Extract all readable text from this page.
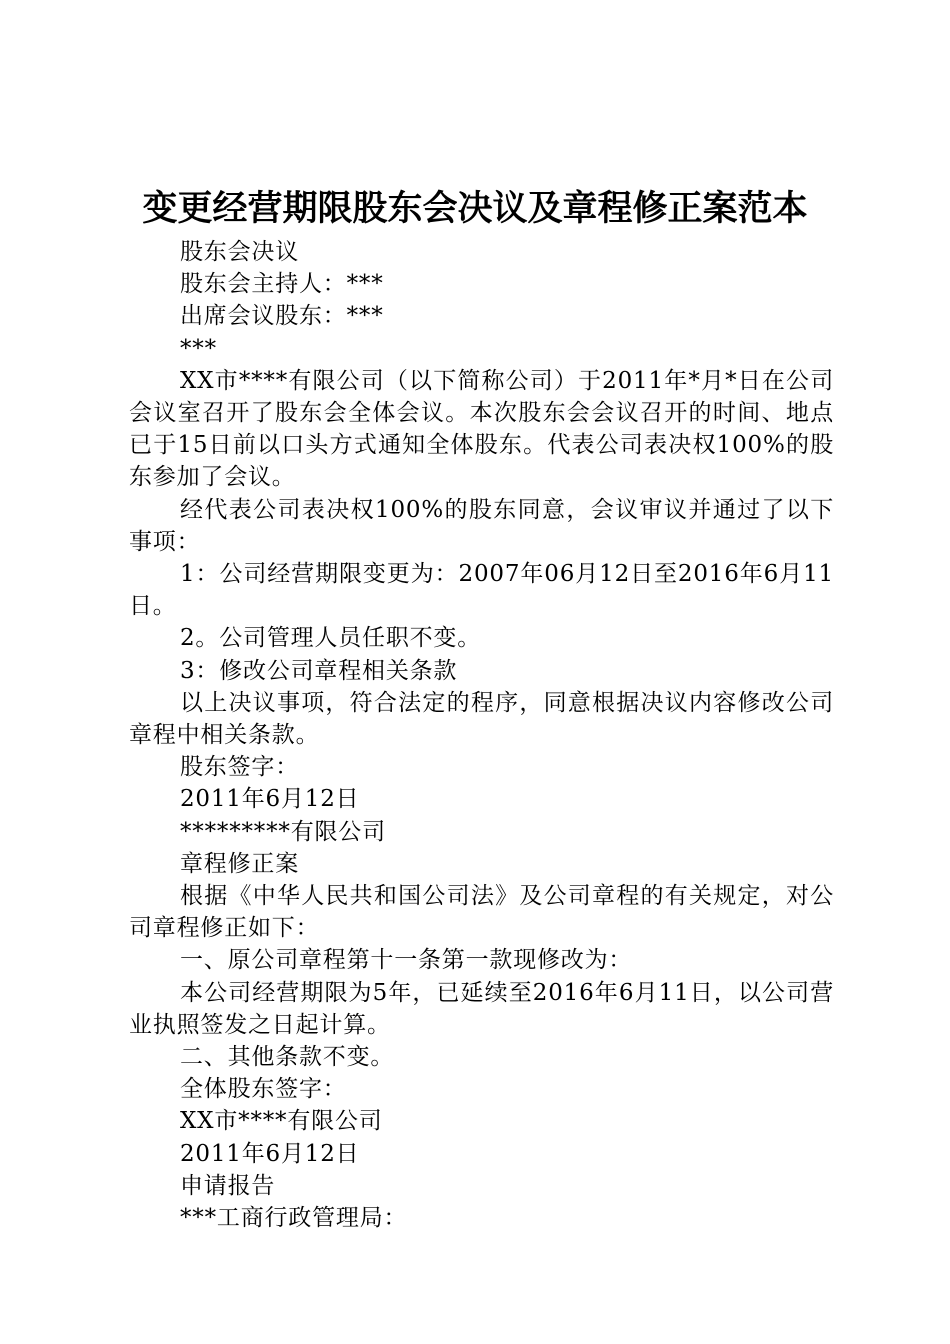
变更经营期限股东会决议及章程修正案范本

股东会决议

股东会主持人：***

出席会议股东：***

***

XX市****有限公司（以下简称公司）于2011年*月*日在公司会议室召开了股东会全体会议。本次股东会会议召开的时间、地点已于15日前以口头方式通知全体股东。代表公司表决权100%的股东参加了会议。

经代表公司表决权100%的股东同意，会议审议并通过了以下事项：

1：公司经营期限变更为：2007年06月12日至2016年6月11日。

2。公司管理人员任职不变。

3：修改公司章程相关条款

以上决议事项，符合法定的程序，同意根据决议内容修改公司章程中相关条款。

股东签字：

2011年6月12日

*********有限公司

章程修正案

根据《中华人民共和国公司法》及公司章程的有关规定，对公司章程修正如下：

一、原公司章程第十一条第一款现修改为：

本公司经营期限为5年，已延续至2016年6月11日，以公司营业执照签发之日起计算。

二、其他条款不变。

全体股东签字：

XX市****有限公司

2011年6月12日

申请报告

***工商行政管理局：
